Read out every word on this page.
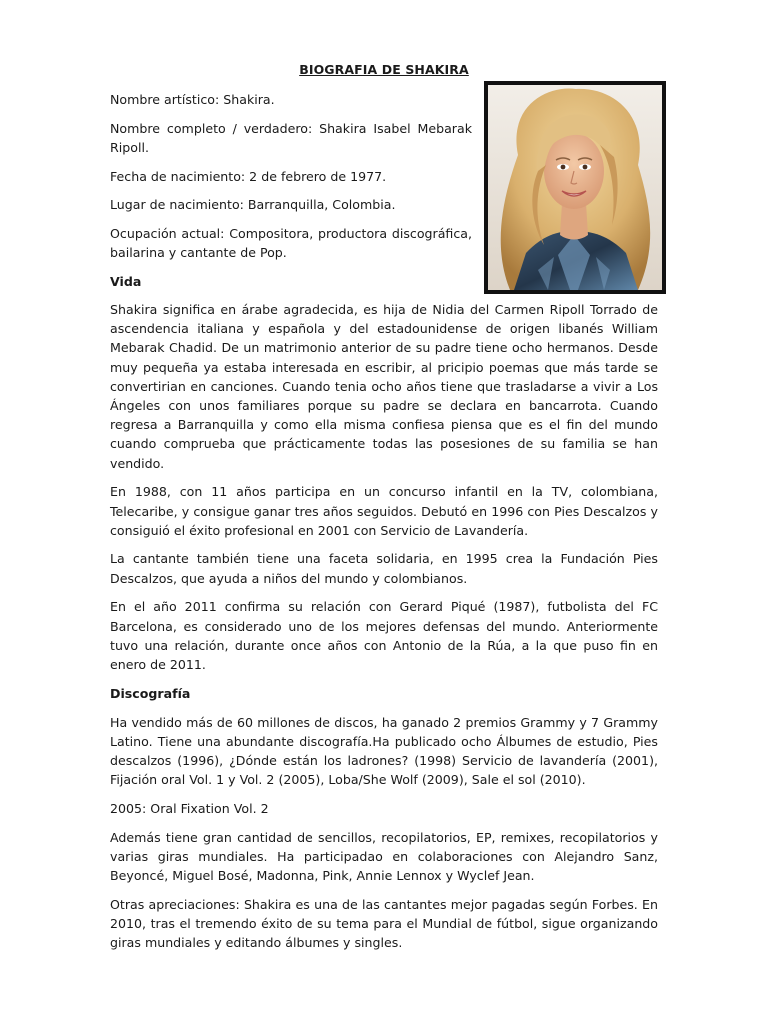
BIOGRAFIA DE SHAKIRA

Nombre artístico: Shakira.

Nombre completo / verdadero: Shakira Isabel Mebarak Ripoll.

Fecha de nacimiento: 2 de febrero de 1977.

Lugar de nacimiento: Barranquilla, Colombia.

Ocupación actual: Compositora, productora discográfica, bailarina y cantante de Pop.

Vida

Shakira significa en árabe agradecida, es hija de Nidia del Carmen Ripoll Torrado de ascendencia italiana y española y del estadounidense de origen libanés William Mebarak Chadid. De un matrimonio anterior de su padre tiene ocho hermanos. Desde muy pequeña ya estaba interesada en escribir, al pricipio poemas que más tarde se convertirian en canciones. Cuando tenia ocho años tiene que trasladarse a vivir a Los Ángeles con unos familiares porque su padre se declara en bancarrota. Cuando regresa a Barranquilla y como ella misma confiesa piensa que es el fin del mundo cuando comprueba que prácticamente todas las posesiones de su familia se han vendido.

En 1988, con 11 años participa en un concurso infantil en la TV, colombiana, Telecaribe, y consigue ganar tres años seguidos. Debutó en 1996 con Pies Descalzos y consiguió el éxito profesional en 2001 con Servicio de Lavandería.

La cantante también tiene una faceta solidaria, en 1995 crea la Fundación Pies Descalzos, que ayuda a niños del mundo y colombianos.

En el año 2011 confirma su relación con Gerard Piqué (1987), futbolista del FC Barcelona, es considerado uno de los mejores defensas del mundo. Anteriormente tuvo una relación, durante once años con Antonio de la Rúa, a la que puso fin en enero de 2011.

Discografía

Ha vendido más de 60 millones de discos, ha ganado 2 premios Grammy y 7 Grammy Latino. Tiene una abundante discografía.Ha publicado ocho Álbumes de estudio, Pies descalzos (1996), ¿Dónde están los ladrones? (1998) Servicio de lavandería (2001), Fijación oral Vol. 1 y Vol. 2 (2005), Loba/She Wolf (2009), Sale el sol (2010).

2005: Oral Fixation Vol. 2

Además tiene gran cantidad de sencillos, recopilatorios, EP, remixes, recopilatorios y varias giras mundiales. Ha participadao en colaboraciones con Alejandro Sanz, Beyoncé, Miguel Bosé, Madonna, Pink, Annie Lennox y Wyclef Jean.

Otras apreciaciones: Shakira es una de las cantantes mejor pagadas según Forbes. En 2010, tras el tremendo éxito de su tema para el Mundial de fútbol, sigue organizando giras mundiales y editando álbumes y singles.
